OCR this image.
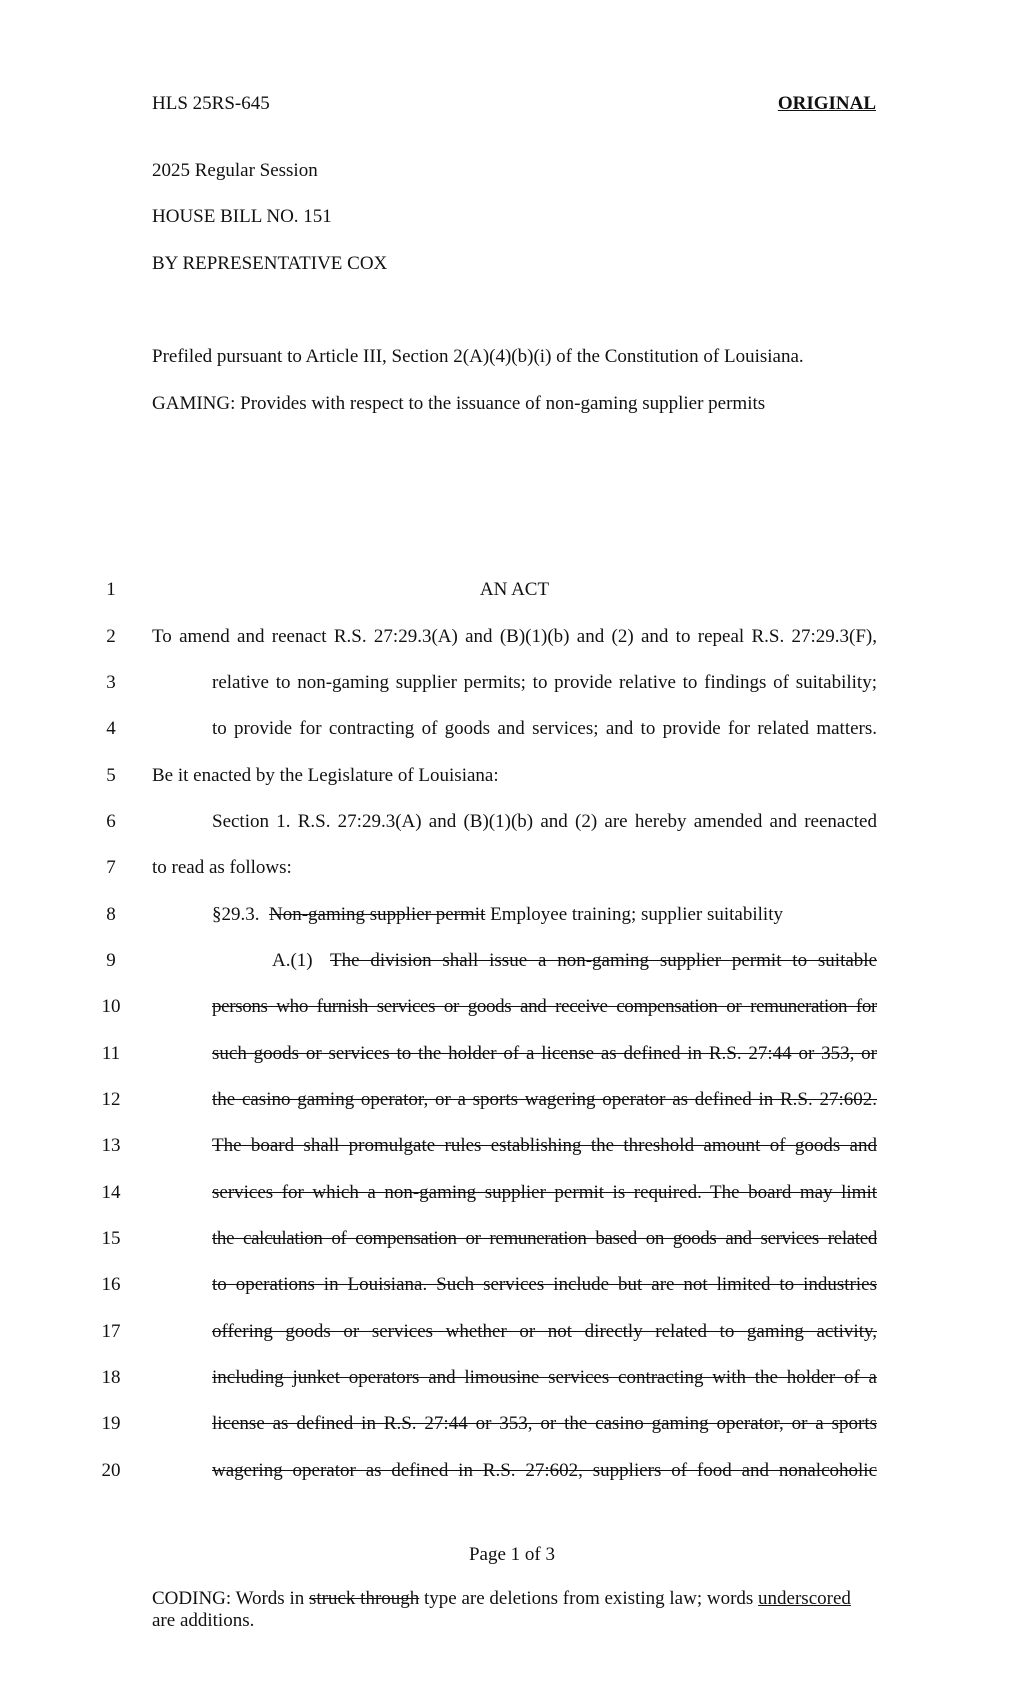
HLS 25RS-645	ORIGINAL
2025 Regular Session
HOUSE BILL NO. 151
BY REPRESENTATIVE COX
Prefiled pursuant to Article III, Section 2(A)(4)(b)(i) of the Constitution of Louisiana.
GAMING: Provides with respect to the issuance of non-gaming supplier permits
1	AN ACT
2	To amend and reenact R.S. 27:29.3(A) and (B)(1)(b) and (2) and to repeal R.S. 27:29.3(F),
3	relative to non-gaming supplier permits; to provide relative to findings of suitability;
4	to provide for contracting of goods and services; and to provide for related matters.
5	Be it enacted by the Legislature of Louisiana:
6	Section 1. R.S. 27:29.3(A) and (B)(1)(b) and (2) are hereby amended and reenacted
7	to read as follows:
8	§29.3. Non-gaming supplier permit Employee training; supplier suitability
9	A.(1) The division shall issue a non-gaming supplier permit to suitable
10	persons who furnish services or goods and receive compensation or remuneration for
11	such goods or services to the holder of a license as defined in R.S. 27:44 or 353, or
12	the casino gaming operator, or a sports wagering operator as defined in R.S. 27:602.
13	The board shall promulgate rules establishing the threshold amount of goods and
14	services for which a non-gaming supplier permit is required. The board may limit
15	the calculation of compensation or remuneration based on goods and services related
16	to operations in Louisiana. Such services include but are not limited to industries
17	offering goods or services whether or not directly related to gaming activity,
18	including junket operators and limousine services contracting with the holder of a
19	license as defined in R.S. 27:44 or 353, or the casino gaming operator, or a sports
20	wagering operator as defined in R.S. 27:602, suppliers of food and nonalcoholic
Page 1 of 3
CODING: Words in struck through type are deletions from existing law; words underscored
are additions.
